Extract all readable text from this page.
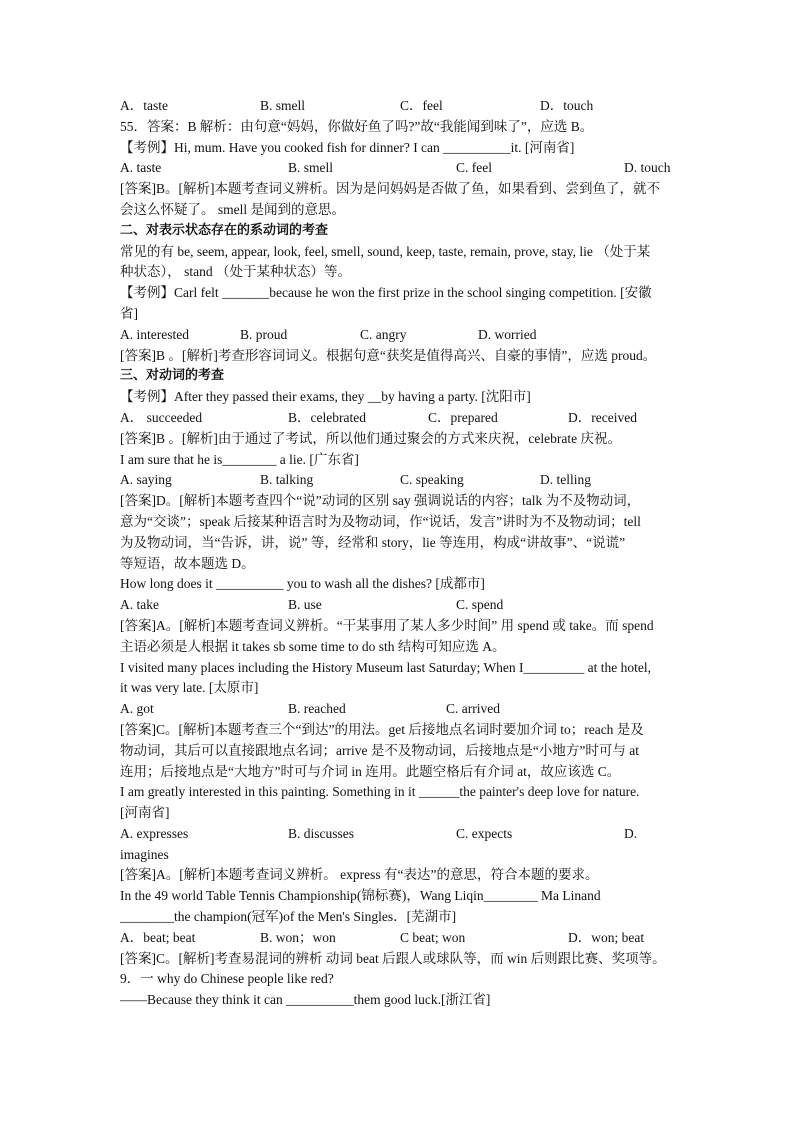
A．taste	B. smell	C．feel	D．touch
55．答案：B 解析：由句意“妈妈，你做好鱼了吗?”故“我能闻到味了”，应选 B。
【考例】Hi, mum. Have you cooked fish for dinner? I can __________it. [河南省]
A. taste	B. smell	C. feel	D. touch
[答案]B。[解析]本题考查词义辨析。因为是问妈妈是否做了鱼，如果看到、尝到鱼了，就不
会这么怀疑了。 smell 是闻到的意思。
二、对表示状态存在的系动词的考查
常见的有 be, seem, appear, look, feel, smell, sound, keep, taste, remain, prove, stay, lie （处于某
种状态）， stand （处于某种状态）等。
【考例】Carl felt _______because he won the first prize in the school singing competition. [安徽
省]
A. interested	B. proud	C. angry	D. worried
[答案]B 。[解析]考查形容词词义。根据句意“获奖是值得高兴、自豪的事情”，应选 proud。
三、对动词的考查
【考例】After they passed their exams, they __by having a party. [沈阳市]
A． succeeded	B．celebrated	C．prepared	D．received
[答案]B 。[解析]由于通过了考试，所以他们通过聚会的方式来庆祝，celebrate 庆祝。
I am sure that he is________ a lie. [广东省]
A. saying	B. talking	C. speaking	D. telling
[答案]D。[解析]本题考查四个“说”动词的区别 say 强调说话的内容；talk 为不及物动词，
意为“交谈”；speak 后接某种语言时为及物动词，作“说话，发言”讲时为不及物动词；tell
为及物动词，当“告诉，讲，说” 等，经常和 story，lie 等连用，构成“讲故事”、“说谎”
等短语，故本题选 D。
How long does it __________ you to wash all the dishes? [成都市]
A. take	B. use	C. spend
[答案]A。[解析]本题考查词义辨析。“干某事用了某人多少时间” 用 spend 或 take。而 spend
主语必须是人根据 it takes sb some time to do sth 结构可知应选 A。
I visited many places including the History Museum last Saturday; When I_________ at the hotel,
it was very late. [太原市]
A. got	B. reached	C. arrived
[答案]C。[解析]本题考查三个“到达”的用法。get 后接地点名词时要加介词 to；reach 是及
物动词，其后可以直接跟地点名词；arrive 是不及物动词，后接地点是“小地方”时可与 at
连用；后接地点是“大地方”时可与介词 in 连用。此题空格后有介词 at，故应该选 C。
I am greatly interested in this painting. Something in it ______the painter's deep love for nature.
[河南省]
A. expresses	B. discusses	C. expects	D.
imagines
[答案]A。[解析]本题考查词义辨析。 express 有“表达”的意思，符合本题的要求。
In the 49 world Table Tennis Championship(锦标赛)，Wang Liqin________ Ma Linand
________the champion(冠军)of the Men's Singles．[芜湖市]
A．beat; beat	B. won；won	C beat; won	D．won; beat
[答案]C。[解析]考查易混词的辨析 动词 beat 后跟人或球队等，而 win 后则跟比赛、奖项等。
9．一 why do Chinese people like red?
——Because they think it can __________them good luck.[浙江省]
